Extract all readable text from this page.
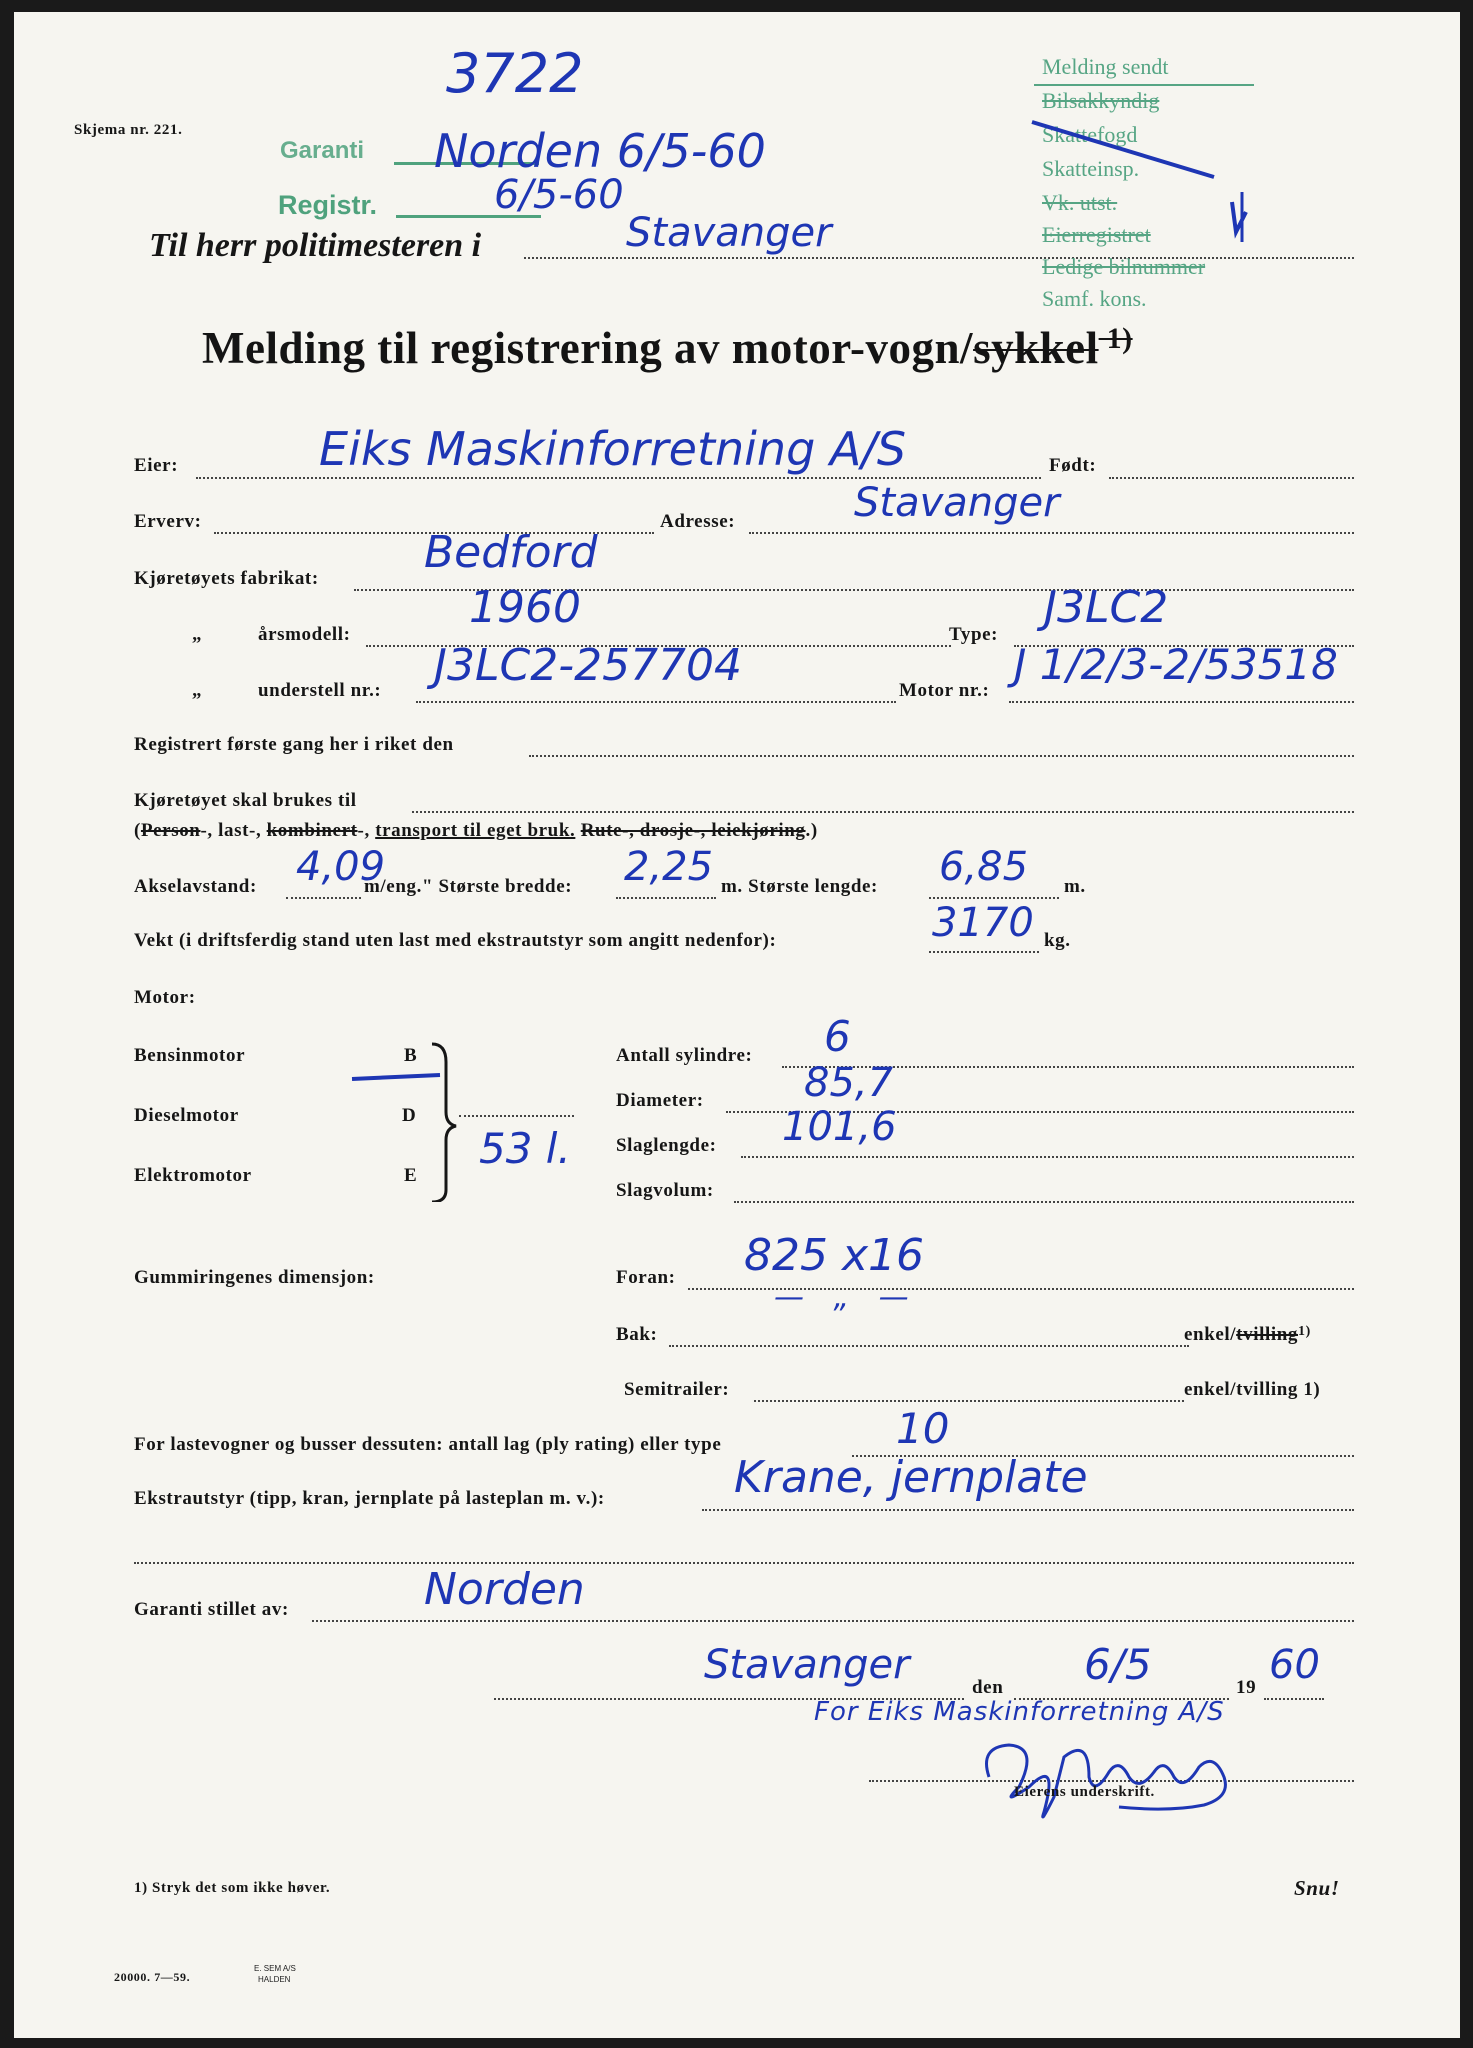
Skjema nr. 221.
Garanti
Registr.
3722
Norden 6/5-60
6/5-60
Til herr politimesteren i	Stavanger
Melding sendt
Bilsakkyndig
Skattefogd
Skatteinsp.
Vk. utst.
Eierregistret
Ledige bilnummer
Samf. kons.
Melding til registrering av motor-vogn/sykkel $^{1)}$
Eier:	Eiks Maskinforretning A/S	Født:
Erverv:	Adresse:	Stavanger
Kjøretøyets fabrikat:
Bedford
„	årsmodell:
1960
Type:
J3LC2
„	understell nr.: J3LC2-257704	Motor nr.:
J 1/2/3-2/53518
Registrert første gang her i riket den
Kjøretøyet skal brukes til
(Person-, last-, kombinert-, transport til eget bruk. Rute-, drosje-, leiekjøring.)
Akselavstand: 4,09
m/eng." Største bredde: 2,25 m. Største lengde: 6,85 m.
Vekt (i driftsferdig stand uten last med ekstrautstyr som angitt nedenfor):	3170 kg.
Motor:
Bensinmotor	B
Dieselmotor	D
Elektromotor	E
53 l.
Antall sylindre: 6
Diameter:	85,7
Slaglengde: 101,6
Slagvolum:
Gummiringenes dimensjon:	Foran: 825 x16
— „ —
Bak:	enkel/tvilling$^{1)}$
Semitrailer:	enkel/tvilling 1)
For lastevogner og busser dessuten: antall lag (ply rating) eller type	10
Ekstrautstyr (tipp, kran, jernplate på lasteplan m. v.):	Krane, jernplate
Garanti stillet av:	Norden
Stavanger	den 6/5	19 60
For Eiks Maskinforretning A/S
Eierens underskrift.
1) Stryk det som ikke høver.	Snu!
20000. 7—59.
E. SEM A/S
HALDEN
